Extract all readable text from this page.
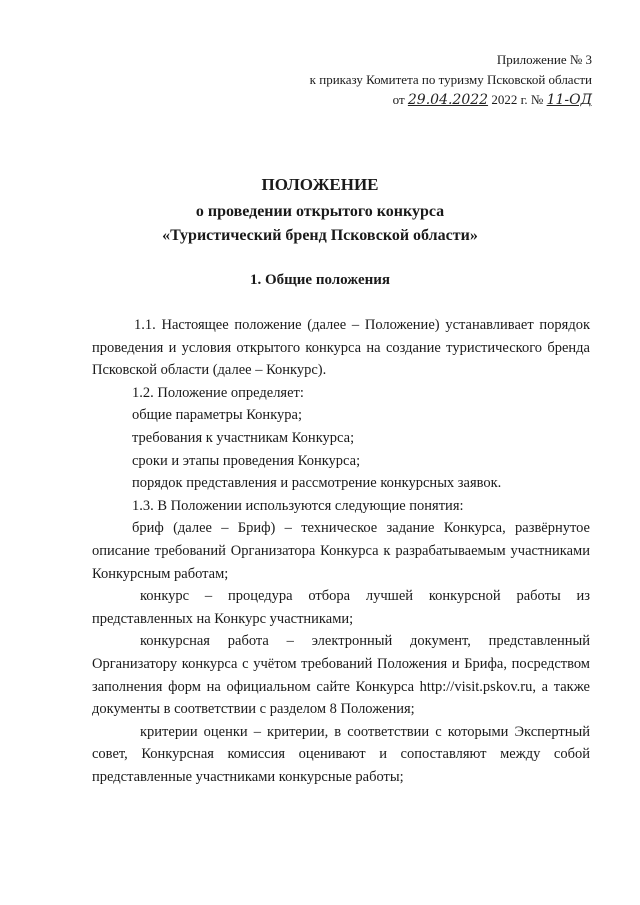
Приложение № 3
к приказу Комитета по туризму Псковской области
от 29.04.2022 2022 г. № 11-ОД
ПОЛОЖЕНИЕ
о проведении открытого конкурса
«Туристический бренд Псковской области»
1. Общие положения

1.1. Настоящее положение (далее – Положение) устанавливает порядок проведения и условия открытого конкурса на создание туристического бренда Псковской области (далее – Конкурс).

1.2. Положение определяет:

общие параметры Конкура;

требования к участникам Конкурса;

сроки и этапы проведения Конкурса;

порядок представления и рассмотрение конкурсных заявок.

1.3. В Положении используются следующие понятия:

бриф (далее – Бриф) – техническое задание Конкурса, развёрнутое описание требований Организатора Конкурса к разрабатываемым участниками Конкурсным работам;

конкурс – процедура отбора лучшей конкурсной работы из представленных на Конкурс участниками;

конкурсная работа – электронный документ, представленный Организатору конкурса с учётом требований Положения и Брифа, посредством заполнения форм на официальном сайте Конкурса http://visit.pskov.ru, а также документы в соответствии с разделом 8 Положения;

критерии оценки – критерии, в соответствии с которыми Экспертный совет, Конкурсная комиссия оценивают и сопоставляют между собой представленные участниками конкурсные работы;
